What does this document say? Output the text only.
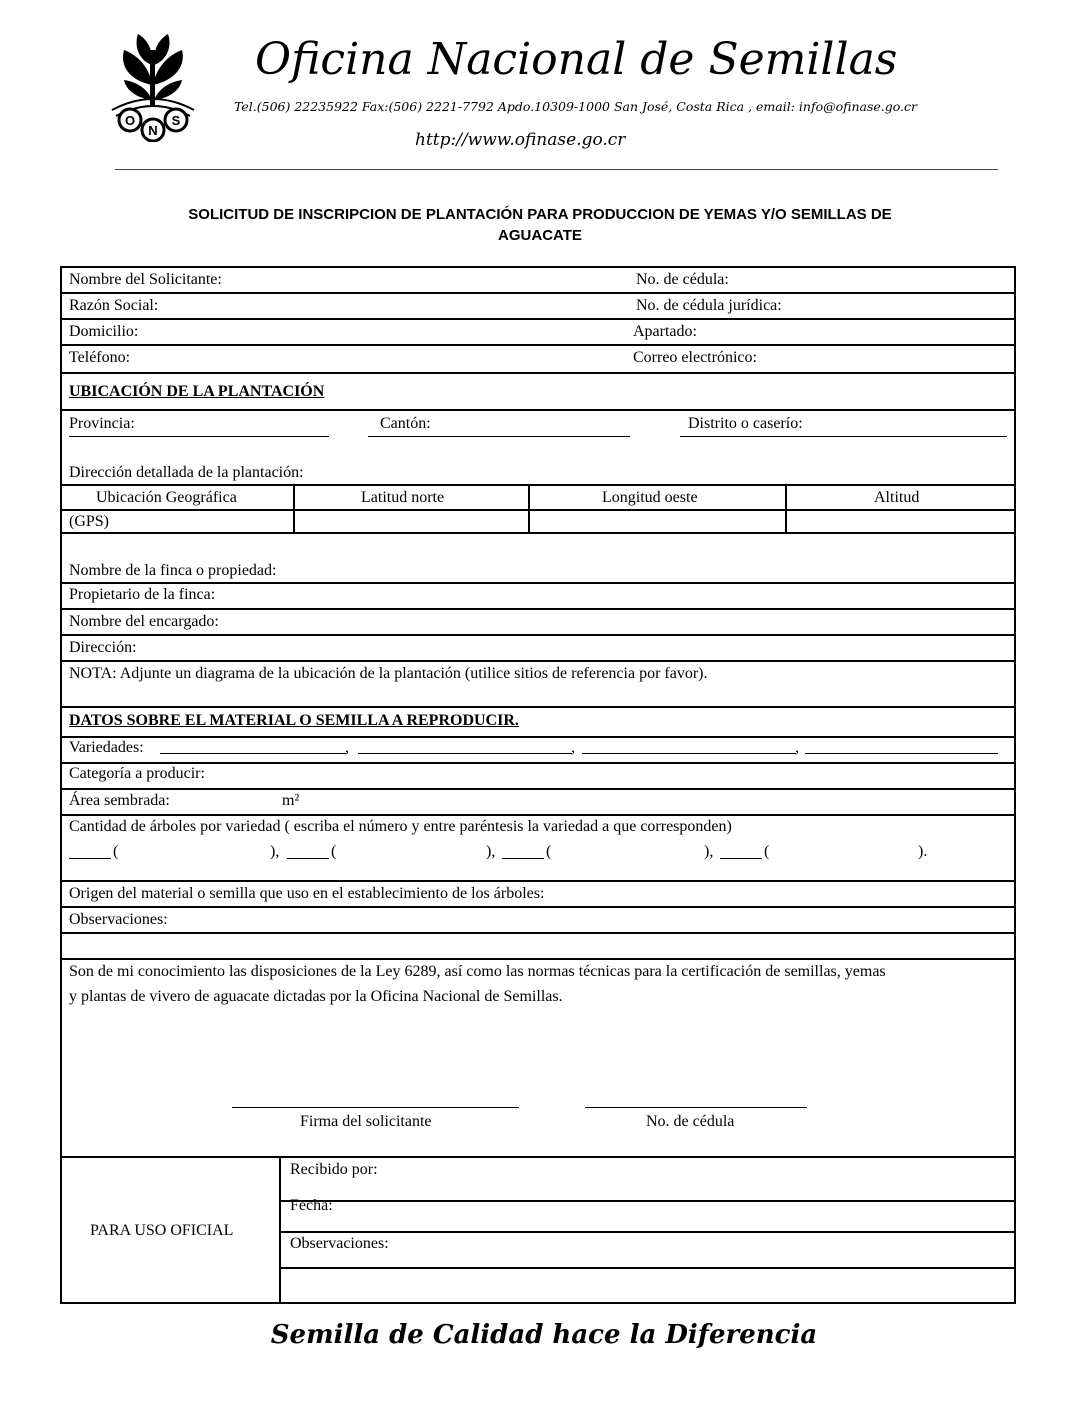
O
N
S
Oficina Nacional de Semillas
Tel.(506) 22235922 Fax:(506) 2221-7792 Apdo.10309-1000 San José, Costa Rica , email: info@ofinase.go.cr
http://www.ofinase.go.cr
SOLICITUD DE INSCRIPCION DE PLANTACIÓN PARA PRODUCCION DE YEMAS Y/O SEMILLAS DE
AGUACATE
Nombre del Solicitante:	No. de cédula:
Razón Social:	No. de cédula jurídica:
Domicilio:	Apartado:
Teléfono:	Correo electrónico:
UBICACIÓN DE LA PLANTACIÓN
Provincia:	Cantón:	Distrito o caserío:
Dirección detallada de la plantación:
Ubicación Geográfica	Latitud norte	Longitud oeste	Altitud
(GPS)
Nombre de la finca o propiedad:
Propietario de la finca:
Nombre del encargado:
Dirección:
NOTA: Adjunte un diagrama de la ubicación de la plantación (utilice sitios de referencia por favor).
DATOS SOBRE EL MATERIAL O SEMILLA A REPRODUCIR.
Variedades:	,	,	,
Categoría a producir:
Área sembrada:	m²
Cantidad de árboles por variedad ( escriba el número y entre paréntesis la variedad a que corresponden)
(	),	(	),	(	),	(	).
Origen del material o semilla que uso en el establecimiento de los árboles:
Observaciones:
Son de mi conocimiento las disposiciones de la Ley 6289, así como las normas técnicas para la certificación de semillas, yemas
y plantas de vivero de aguacate dictadas por la Oficina Nacional de Semillas.
Firma del solicitante	No. de cédula
PARA USO OFICIAL
Recibido por:
Fecha:
Observaciones:
Semilla de Calidad hace la Diferencia
